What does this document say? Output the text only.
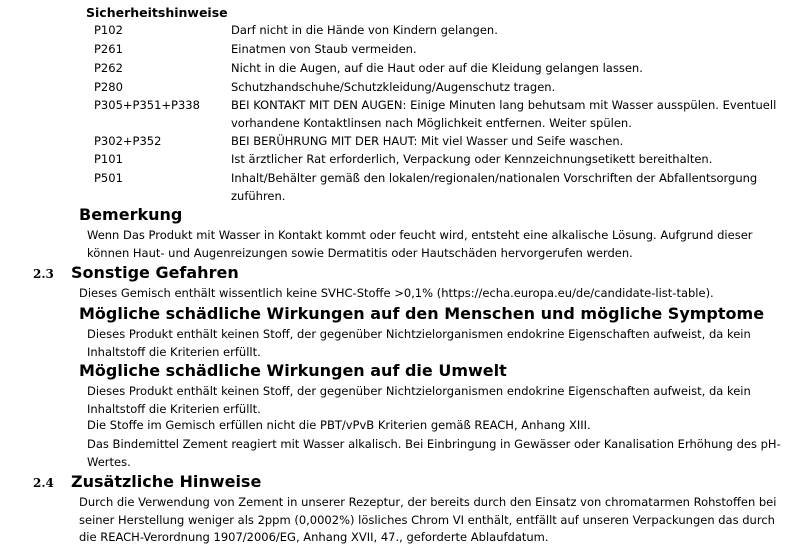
Sicherheitshinweise
P102	Darf nicht in die Hände von Kindern gelangen.
P261	Einatmen von Staub vermeiden.
P262	Nicht in die Augen, auf die Haut oder auf die Kleidung gelangen lassen.
P280	Schutzhandschuhe/Schutzkleidung/Augenschutz tragen.
P305+P351+P338	BEI KONTAKT MIT DEN AUGEN: Einige Minuten lang behutsam mit Wasser ausspülen. Eventuell vorhandene Kontaktlinsen nach Möglichkeit entfernen. Weiter spülen.
P302+P352	BEI BERÜHRUNG MIT DER HAUT: Mit viel Wasser und Seife waschen.
P101	Ist ärztlicher Rat erforderlich, Verpackung oder Kennzeichnungsetikett bereithalten.
P501	Inhalt/Behälter gemäß den lokalen/regionalen/nationalen Vorschriften der Abfallentsorgung zuführen.
Bemerkung
Wenn Das Produkt mit Wasser in Kontakt kommt oder feucht wird, entsteht eine alkalische Lösung. Aufgrund dieser können Haut- und Augenreizungen sowie Dermatitis oder Hautschäden hervorgerufen werden.
2.3 Sonstige Gefahren
Dieses Gemisch enthält wissentlich keine SVHC-Stoffe >0,1% (https://echa.europa.eu/de/candidate-list-table).
Mögliche schädliche Wirkungen auf den Menschen und mögliche Symptome
Dieses Produkt enthält keinen Stoff, der gegenüber Nichtzielorganismen endokrine Eigenschaften aufweist, da kein Inhaltstoff die Kriterien erfüllt.
Mögliche schädliche Wirkungen auf die Umwelt
Dieses Produkt enthält keinen Stoff, der gegenüber Nichtzielorganismen endokrine Eigenschaften aufweist, da kein Inhaltstoff die Kriterien erfüllt.
Die Stoffe im Gemisch erfüllen nicht die PBT/vPvB Kriterien gemäß REACH, Anhang XIII.
Das Bindemittel Zement reagiert mit Wasser alkalisch. Bei Einbringung in Gewässer oder Kanalisation Erhöhung des pH-Wertes.
2.4 Zusätzliche Hinweise
Durch die Verwendung von Zement in unserer Rezeptur, der bereits durch den Einsatz von chromatarmen Rohstoffen bei seiner Herstellung weniger als 2ppm (0,0002%) lösliches Chrom VI enthält, entfällt auf unseren Verpackungen das durch die REACH-Verordnung 1907/2006/EG, Anhang XVII, 47., geforderte Ablaufdatum.
